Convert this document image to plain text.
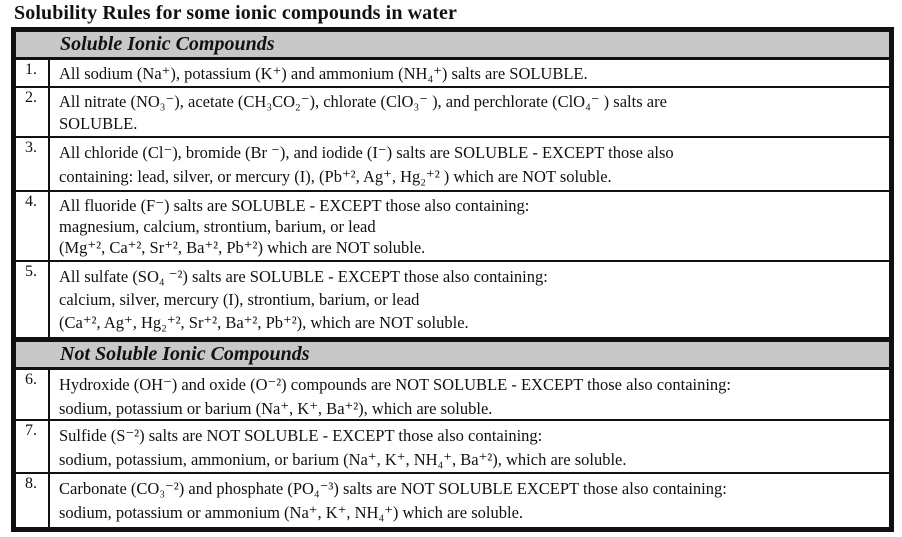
Solubility Rules for some ionic compounds in water
Soluble Ionic Compounds
1.	All sodium (Na⁺), potassium (K⁺) and ammonium (NH₄⁺) salts are SOLUBLE.
2.	All nitrate (NO₃⁻), acetate (CH₃CO₂⁻), chlorate (ClO₃⁻ ), and perchlorate (ClO₄⁻ ) salts are
SOLUBLE.
3.	All chloride (Cl⁻), bromide (Br ⁻), and iodide (I⁻) salts are SOLUBLE - EXCEPT those also
containing: lead, silver, or mercury (I), (Pb⁺², Ag⁺, Hg₂⁺² ) which are NOT soluble.
4.	All fluoride (F⁻) salts are SOLUBLE - EXCEPT those also containing:
magnesium, calcium, strontium, barium, or lead
(Mg⁺², Ca⁺², Sr⁺², Ba⁺², Pb⁺²) which are NOT soluble.
5.	All sulfate (SO₄ ⁻²) salts are SOLUBLE - EXCEPT those also containing:
calcium, silver, mercury (I), strontium, barium, or lead
(Ca⁺², Ag⁺, Hg₂⁺², Sr⁺², Ba⁺², Pb⁺²), which are NOT soluble.
Not Soluble Ionic Compounds
6.	Hydroxide (OH⁻) and oxide (O⁻²) compounds are NOT SOLUBLE - EXCEPT those also containing:
sodium, potassium or barium (Na⁺, K⁺, Ba⁺²), which are soluble.
7.	Sulfide (S⁻²) salts are NOT SOLUBLE - EXCEPT those also containing:
sodium, potassium, ammonium, or barium (Na⁺, K⁺, NH₄⁺, Ba⁺²), which are soluble.
8.	Carbonate (CO₃⁻²) and phosphate (PO₄⁻³) salts are NOT SOLUBLE EXCEPT those also containing:
sodium, potassium or ammonium (Na⁺, K⁺, NH₄⁺) which are soluble.
